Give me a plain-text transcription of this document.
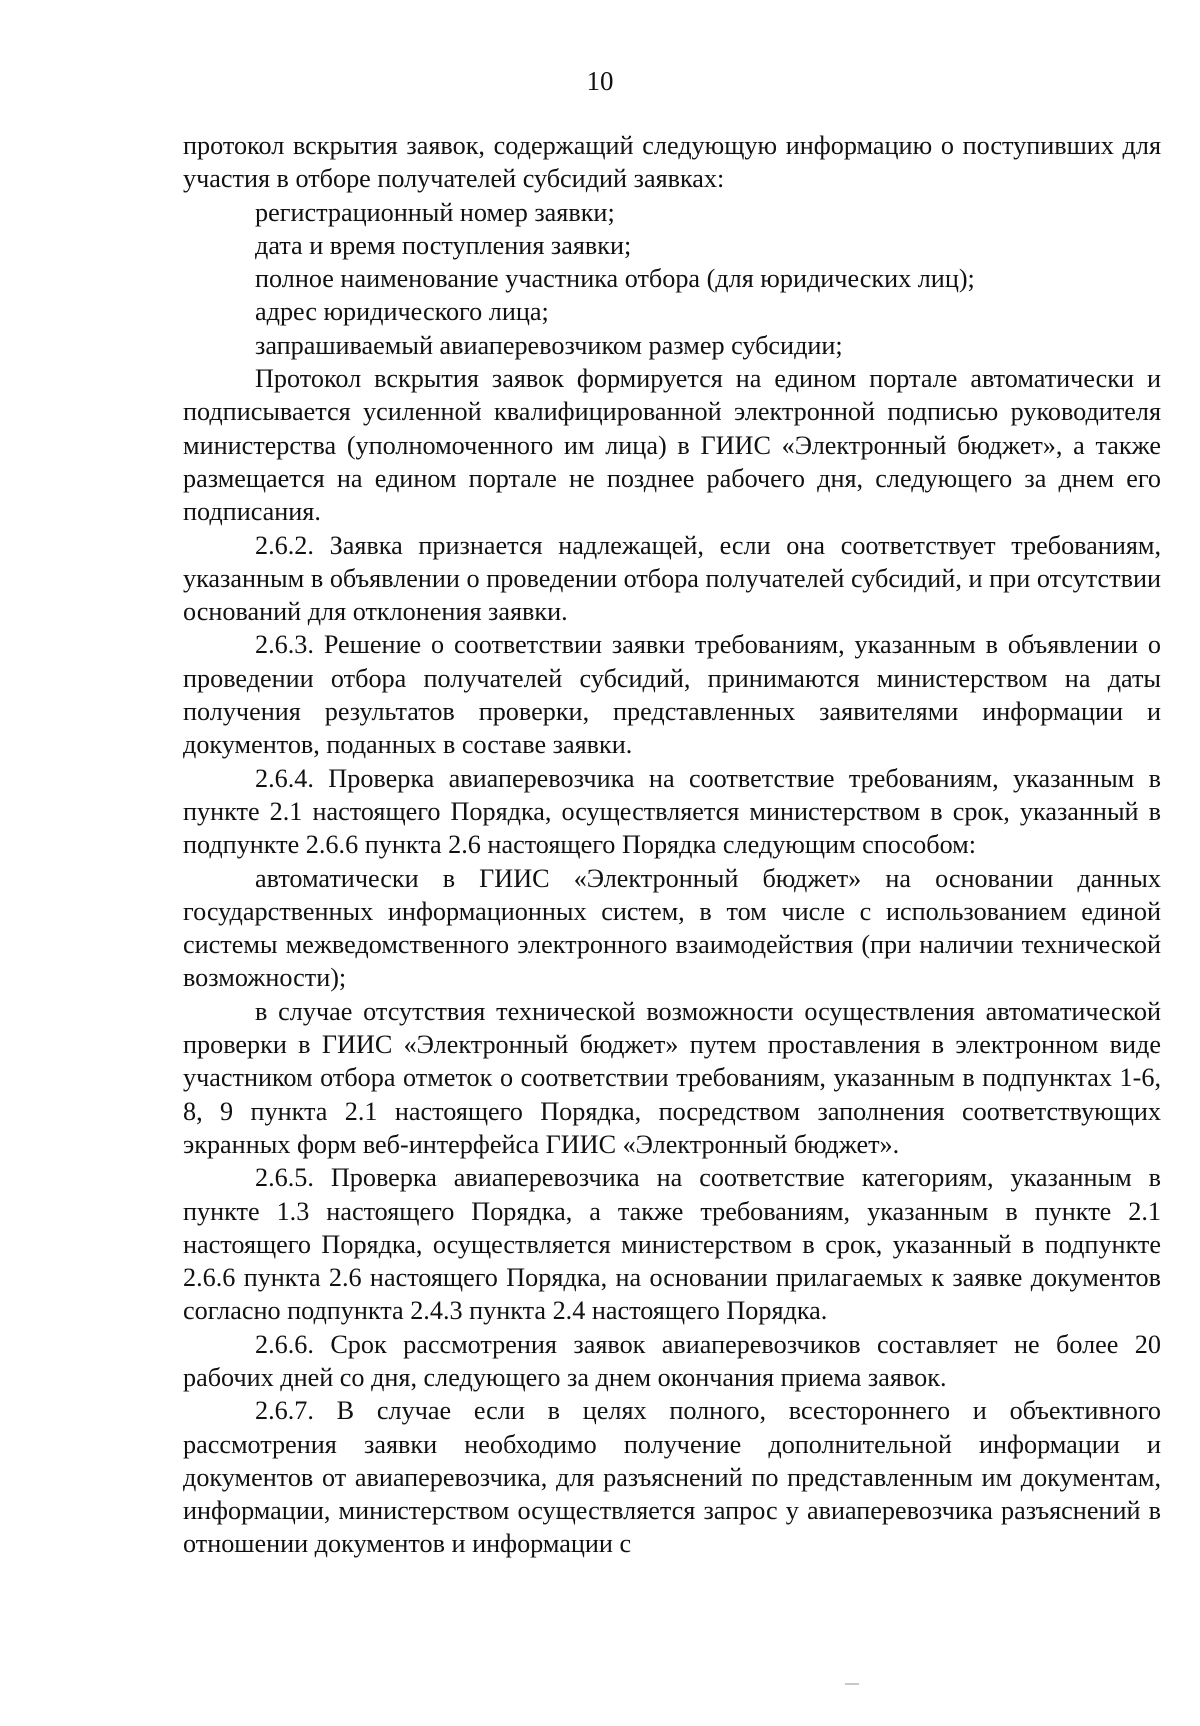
10

протокол вскрытия заявок, содержащий следующую информацию о поступивших для участия в отборе получателей субсидий заявках:

регистрационный номер заявки;

дата и время поступления заявки;

полное наименование участника отбора (для юридических лиц);

адрес юридического лица;

запрашиваемый авиаперевозчиком размер субсидии;

Протокол вскрытия заявок формируется на едином портале автоматически и подписывается усиленной квалифицированной электронной подписью руководителя министерства (уполномоченного им лица) в ГИИС «Электронный бюджет», а также размещается на едином портале не позднее рабочего дня, следующего за днем его подписания.

2.6.2. Заявка признается надлежащей, если она соответствует требованиям, указанным в объявлении о проведении отбора получателей субсидий, и при отсутствии оснований для отклонения заявки.

2.6.3. Решение о соответствии заявки требованиям, указанным в объявлении о проведении отбора получателей субсидий, принимаются министерством на даты получения результатов проверки, представленных заявителями информации и документов, поданных в составе заявки.

2.6.4. Проверка авиаперевозчика на соответствие требованиям, указанным в пункте 2.1 настоящего Порядка, осуществляется министерством в срок, указанный в подпункте 2.6.6 пункта 2.6 настоящего Порядка следующим способом:

автоматически в ГИИС «Электронный бюджет» на основании данных государственных информационных систем, в том числе с использованием единой системы межведомственного электронного взаимодействия (при наличии технической возможности);

в случае отсутствия технической возможности осуществления автоматической проверки в ГИИС «Электронный бюджет» путем проставления в электронном виде участником отбора отметок о соответствии требованиям, указанным в подпунктах 1-6, 8, 9 пункта 2.1 настоящего Порядка, посредством заполнения соответствующих экранных форм веб-интерфейса ГИИС «Электронный бюджет».

2.6.5. Проверка авиаперевозчика на соответствие категориям, указанным в пункте 1.3 настоящего Порядка, а также требованиям, указанным в пункте 2.1 настоящего Порядка, осуществляется министерством в срок, указанный в подпункте 2.6.6 пункта 2.6 настоящего Порядка, на основании прилагаемых к заявке документов согласно подпункта 2.4.3 пункта 2.4 настоящего Порядка.

2.6.6. Срок рассмотрения заявок авиаперевозчиков составляет не более 20 рабочих дней со дня, следующего за днем окончания приема заявок.

2.6.7. В случае если в целях полного, всестороннего и объективного рассмотрения заявки необходимо получение дополнительной информации и документов от авиаперевозчика, для разъяснений по представленным им документам, информации, министерством осуществляется запрос у авиаперевозчика разъяснений в отношении документов и информации с
